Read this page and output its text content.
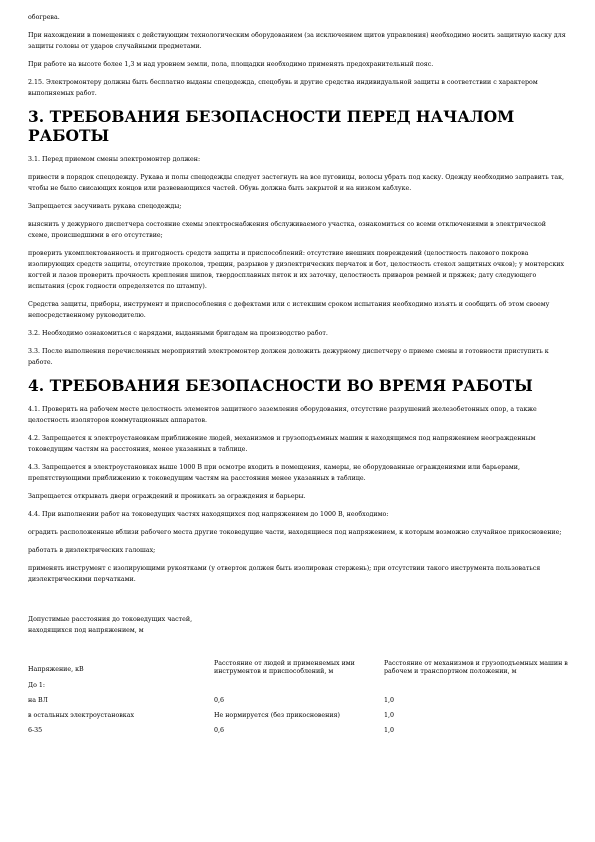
обогрева.

При нахождении в помещениях с действующим технологическим оборудованием (за исключением щитов управления) необходимо носить защитную каску для защиты головы от ударов случайными предметами.

При работе на высоте более 1,3 м над уровнем земли, пола, площадки необходимо применять предохранительный пояс.

2.15. Электромонтеру должны быть бесплатно выданы спецодежда, спецобувь и другие средства индивидуальной защиты в соответствии с характером выполняемых работ.

3. ТРЕБОВАНИЯ БЕЗОПАСНОСТИ ПЕРЕД НАЧАЛОМ РАБОТЫ

3.1. Перед приемом смены электромонтер должен:

привести в порядок спецодежду. Рукава и полы спецодежды следует застегнуть на все пуговицы, волосы убрать под каску. Одежду необходимо заправить так, чтобы не было свисающих концов или развевающихся частей. Обувь должна быть закрытой и на низком каблуке.

Запрещается засучивать рукава спецодежды;

выяснить у дежурного диспетчера состояние схемы электроснабжения обслуживаемого участка, ознакомиться со всеми отключениями в электрической схеме, происшедшими в его отсутствие;

проверить укомплектованность и пригодность средств защиты и приспособлений: отсутствие внешних повреждений (целостность лакового покрова изолирующих средств защиты, отсутствие проколов, трещин, разрывов у диэлектрических перчаток и бот, целостность стекол защитных очков); у монтерских когтей и лазов проверить прочность крепления шипов, твердосплавных пяток и их заточку, целостность приваров ремней и пряжек; дату следующего испытания (срок годности определяется по штампу).

Средства защиты, приборы, инструмент и приспособления с дефектами или с истекшим сроком испытания необходимо изъять и сообщить об этом своему непосредственному руководителю.

3.2. Необходимо ознакомиться с нарядами, выданными бригадам на производство работ.

3.3. После выполнения перечисленных мероприятий электромонтер должен доложить дежурному диспетчеру о приеме смены и готовности приступить к работе.

4. ТРЕБОВАНИЯ БЕЗОПАСНОСТИ ВО ВРЕМЯ РАБОТЫ

4.1. Проверить на рабочем месте целостность элементов защитного заземления оборудования, отсутствие разрушений железобетонных опор, а также целостность изоляторов коммутационных аппаратов.

4.2. Запрещается к электроустановкам приближение людей, механизмов и грузоподъемных машин к находящимся под напряжением неогражденным токоведущим частям на расстояния, менее указанных в таблице.

4.3. Запрещается в электроустановках выше 1000 В при осмотре входить в помещения, камеры, не оборудованные ограждениями или барьерами, препятствующими приближению к токоведущим частям на расстояния менее указанных в таблице.

Запрещается открывать двери ограждений и проникать за ограждения и барьеры.

4.4. При выполнении работ на токоведущих частях находящихся под напряжением до 1000 В, необходимо:

оградить расположенные вблизи рабочего места другие токоведущие части, находящиеся под напряжением, к которым возможно случайное прикосновение;

работать в диэлектрических галошах;

применять инструмент с изолирующими рукоятками (у отверток должен быть изолирован стержень); при отсутствии такого инструмента пользоваться диэлектрическими перчатками.

Допустимые расстояния до токоведущих частей,
находящихся под напряжением, м
Напряжение, кВ	Расстояние от людей и применяемых ими инструментов и приспособлений, м	Расстояние от механизмов и грузоподъемных машин в рабочем и транспортном положении, м
До 1:		
на ВЛ	0,6	1,0
в остальных электроустановках	Не нормируется (без прикосновения)	1,0
6-35	0,6	1,0
